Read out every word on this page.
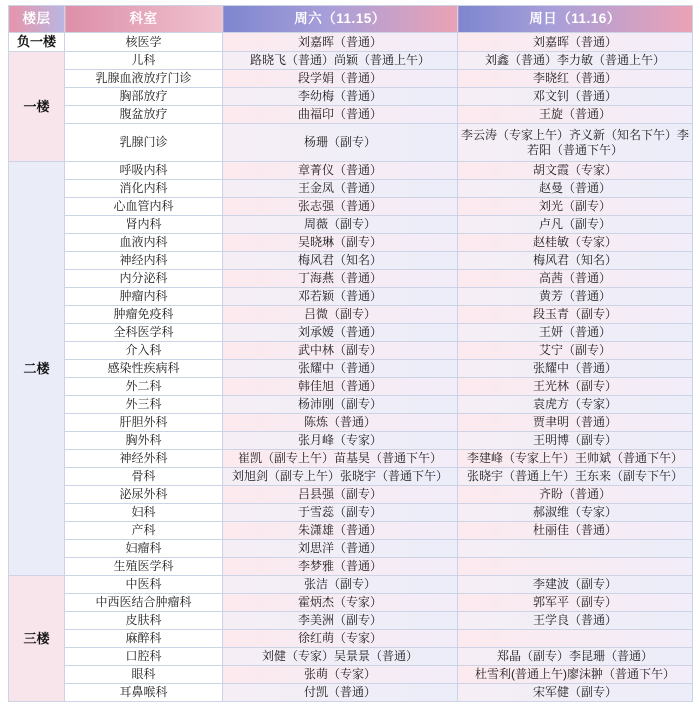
楼层	科室	周六（11.15）	周日（11.16）
负一楼	核医学	刘嘉晖（普通）	刘嘉晖（普通）
一楼	儿科	路晓飞（普通）尚颖（普通上午）	刘鑫（普通）李力敏（普通上午）
	乳腺血液放疗门诊	段学娟（普通）	李晓红（普通）
	胸部放疗	李幼梅（普通）	邓文钊（普通）
	腹盆放疗	曲福印（普通）	王旋（普通）
	乳腺门诊	杨珊（副专）	李云涛（专家上午）齐义新（知名下午）李若阳（普通下午）
二楼	呼吸内科	章菁仪（普通）	胡文霞（专家）
	消化内科	王金凤（普通）	赵曼（普通）
	心血管内科	张志强（普通）	刘光（副专）
	肾内科	周薇（副专）	卢凡（副专）
	血液内科	吴晓琳（副专）	赵桂敏（专家）
	神经内科	梅风君（知名）	梅风君（知名）
	内分泌科	丁海燕（普通）	高茜（普通）
	肿瘤内科	邓若颖（普通）	黄芳（普通）
	肿瘤免疫科	吕微（副专）	段玉青（副专）
	全科医学科	刘承嫒（普通）	王妍（普通）
	介入科	武中林（副专）	艾宁（副专）
	感染性疾病科	张耀中（普通）	张耀中（普通）
	外二科	韩佳旭（普通）	王光林（副专）
	外三科	杨沛刚（副专）	袁虎方（专家）
	肝胆外科	陈炼（普通）	贾聿明（普通）
	胸外科	张月峰（专家）	王明博（副专）
	神经外科	崔凯（副专上午）苗基昊（普通下午）	李建峰（专家上午）王帅斌（普通下午）
	骨科	刘旭剑（副专上午）张晓宇（普通下午）	张晓宇（普通上午）王东来（副专下午）
	泌尿外科	吕县强（副专）	齐盼（普通）
	妇科	于雪蕊（副专）	郝淑维（专家）
	产科	朱潇雄（普通）	杜丽佳（普通）
	妇瘤科	刘思洋（普通）	
	生殖医学科	李梦雅（普通）	
三楼	中医科	张洁（副专）	李建波（副专）
	中西医结合肿瘤科	霍炳杰（专家）	郭军平（副专）
	皮肤科	李美洲（副专）	王学良（普通）
	麻醉科	徐红萌（专家）	
	口腔科	刘健（专家）吴景景（普通）	郑晶（副专）李昆珊（普通）
	眼科	张萌（专家）	杜雪利(普通上午)廖沫翀（普通下午）
	耳鼻喉科	付凯（普通）	宋军健（副专）
